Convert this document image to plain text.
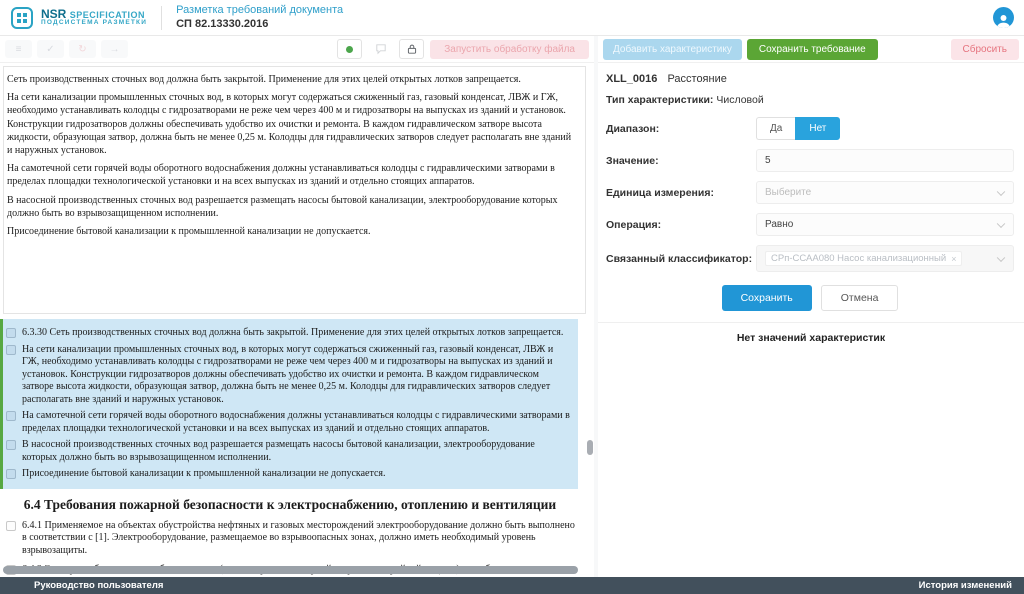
NSR SPECIFICATION
ПОДСИСТЕМА РАЗМЕТКИ
Разметка требований документа
СП 82.13330.2016
≡ ✓ ↻ →	Запустить обработку файла

Сеть производственных сточных вод должна быть закрытой. Применение для этих целей открытых лотков запрещается.

На сети канализации промышленных сточных вод, в которых могут содержаться сжиженный газ, газовый конденсат, ЛВЖ и ГЖ, необходимо устанавливать колодцы с гидрозатворами не реже чем через 400 м и гидрозатворы на выпусках из зданий и установок. Конструкции гидрозатворов должны обеспечивать удобство их очистки и ремонта. В каждом гидравлическом затворе высота жидкости, образующая затвор, должна быть не менее 0,25 м. Колодцы для гидравлических затворов следует располагать вне зданий и наружных установок.

На самотечной сети горячей воды оборотного водоснабжения должны устанавливаться колодцы с гидравлическими затворами в пределах площадки технологической установки и на всех выпусках из зданий и отдельно стоящих аппаратов.

В насосной производственных сточных вод разрешается размещать насосы бытовой канализации, электрооборудование которых должно быть во взрывозащищенном исполнении.

Присоединение бытовой канализации к промышленной канализации не допускается.

6.3.30 Сеть производственных сточных вод должна быть закрытой. Применение для этих целей открытых лотков запрещается.
На сети канализации промышленных сточных вод, в которых могут содержаться сжиженный газ, газовый конденсат, ЛВЖ и ГЖ, необходимо устанавливать колодцы с гидрозатворами не реже чем через 400 м и гидрозатворы на выпусках из зданий и установок. Конструкции гидрозатворов должны обеспечивать удобство их очистки и ремонта. В каждом гидравлическом затворе высота жидкости, образующая затвор, должна быть не менее 0,25 м. Колодцы для гидравлических затворов следует располагать вне зданий и наружных установок.
На самотечной сети горячей воды оборотного водоснабжения должны устанавливаться колодцы с гидравлическими затворами в пределах площадки технологической установки и на всех выпусках из зданий и отдельно стоящих аппаратов.
В насосной производственных сточных вод разрешается размещать насосы бытовой канализации, электрооборудование которых должно быть во взрывозащищенном исполнении.
Присоединение бытовой канализации к промышленной канализации не допускается.
6.4 Требования пожарной безопасности к электроснабжению, отоплению и вентиляции
6.4.1 Применяемое на объектах обустройства нефтяных и газовых месторождений электрооборудование должно быть выполнено в соответствии с [1]. Электрооборудование, размещаемое во взрывоопасных зонах, должно иметь необходимый уровень взрывозащиты.
Добавить характеристику	Сохранить требование	Сбросить
XLL_0016 Расстояние
Тип характеристики: Числовой
Диапазон:	Да	Нет
Значение:
5
Единица измерения:	Выберите
Операция:	Равно
Связанный классификатор:	СРп-ССАА080 Насос канализационный ×
Сохранить	Отмена
Нет значений характеристик
Руководство пользователя	История изменений
